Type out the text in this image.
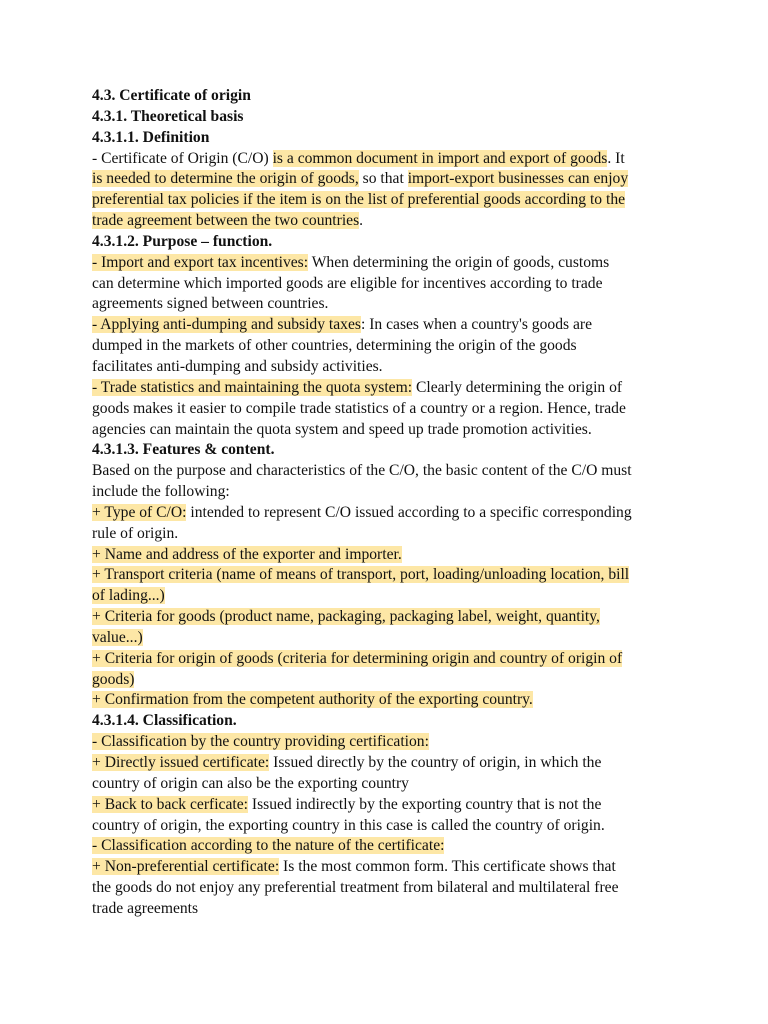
4.3. Certificate of origin
4.3.1. Theoretical basis
4.3.1.1. Definition
- Certificate of Origin (C/O) is a common document in import and export of goods. It
is needed to determine the origin of goods, so that import-export businesses can enjoy
preferential tax policies if the item is on the list of preferential goods according to the
trade agreement between the two countries.
4.3.1.2. Purpose – function.
- Import and export tax incentives: When determining the origin of goods, customs
can determine which imported goods are eligible for incentives according to trade
agreements signed between countries.
- Applying anti-dumping and subsidy taxes: In cases when a country's goods are
dumped in the markets of other countries, determining the origin of the goods
facilitates anti-dumping and subsidy activities.
- Trade statistics and maintaining the quota system: Clearly determining the origin of
goods makes it easier to compile trade statistics of a country or a region. Hence, trade
agencies can maintain the quota system and speed up trade promotion activities.
4.3.1.3. Features & content.
Based on the purpose and characteristics of the C/O, the basic content of the C/O must
include the following:
+ Type of C/O: intended to represent C/O issued according to a specific corresponding
rule of origin.
+ Name and address of the exporter and importer.
+ Transport criteria (name of means of transport, port, loading/unloading location, bill
of lading...)
+ Criteria for goods (product name, packaging, packaging label, weight, quantity,
value...)
+ Criteria for origin of goods (criteria for determining origin and country of origin of
goods)
+ Confirmation from the competent authority of the exporting country.
4.3.1.4. Classification.
- Classification by the country providing certification:
+ Directly issued certificate: Issued directly by the country of origin, in which the
country of origin can also be the exporting country
+ Back to back cerficate: Issued indirectly by the exporting country that is not the
country of origin, the exporting country in this case is called the country of origin.
- Classification according to the nature of the certificate:
+ Non-preferential certificate: Is the most common form. This certificate shows that
the goods do not enjoy any preferential treatment from bilateral and multilateral free
trade agreements
